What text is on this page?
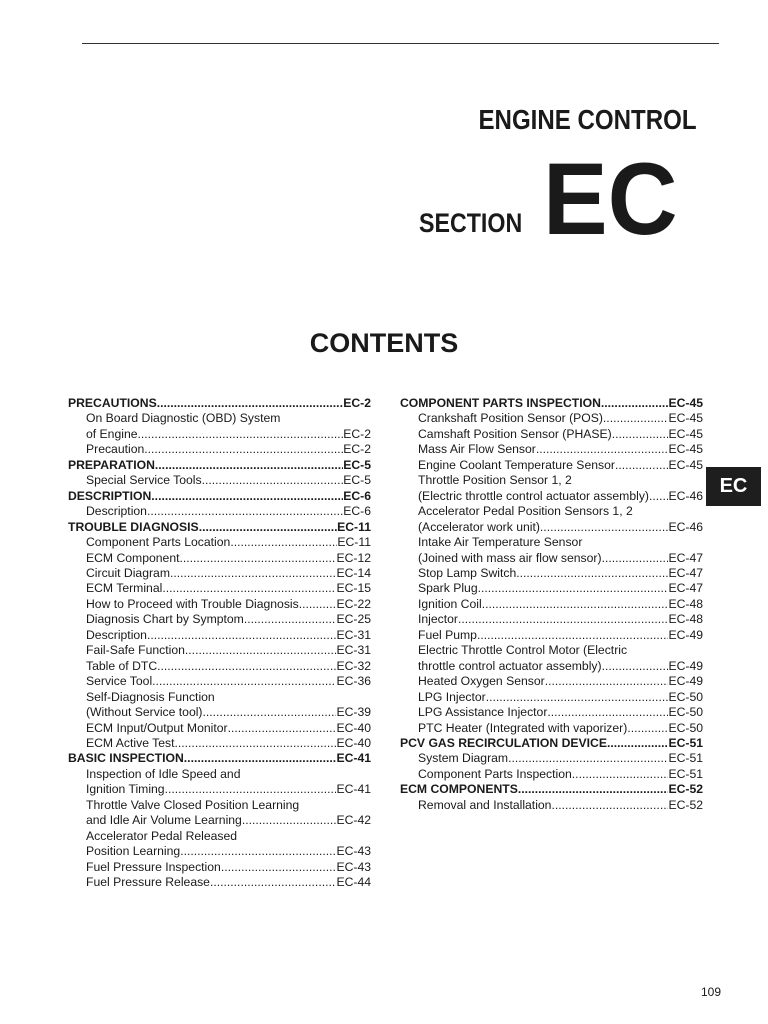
ENGINE CONTROL
SECTION EC
CONTENTS
EC
PRECAUTIONS .....	EC-2
On Board Diagnostic (OBD) System
of Engine .....	EC-2
Precaution .....	EC-2
PREPARATION .....	EC-5
Special Service Tools .....	EC-5
DESCRIPTION .....	EC-6
Description .....	EC-6
TROUBLE DIAGNOSIS .....	EC-11
Component Parts Location .....	EC-11
ECM Component .....	EC-12
Circuit Diagram .....	EC-14
ECM Terminal .....	EC-15
How to Proceed with Trouble Diagnosis .....	EC-22
Diagnosis Chart by Symptom .....	EC-25
Description .....	EC-31
Fail-Safe Function .....	EC-31
Table of DTC .....	EC-32
Service Tool .....	EC-36
Self-Diagnosis Function
(Without Service tool) .....	EC-39
ECM Input/Output Monitor .....	EC-40
ECM Active Test .....	EC-40
BASIC INSPECTION .....	EC-41
Inspection of Idle Speed and
Ignition Timing .....	EC-41
Throttle Valve Closed Position Learning
and Idle Air Volume Learning .....	EC-42
Accelerator Pedal Released
Position Learning .....	EC-43
Fuel Pressure Inspection .....	EC-43
Fuel Pressure Release .....	EC-44
COMPONENT PARTS INSPECTION .....	EC-45
Crankshaft Position Sensor (POS) .....	EC-45
Camshaft Position Sensor (PHASE) .....	EC-45
Mass Air Flow Sensor .....	EC-45
Engine Coolant Temperature Sensor .....	EC-45
Throttle Position Sensor 1, 2
(Electric throttle control actuator assembly) ..... EC-46
Accelerator Pedal Position Sensors 1, 2
(Accelerator work unit) .....	EC-46
Intake Air Temperature Sensor
(Joined with mass air flow sensor) .....	EC-47
Stop Lamp Switch .....	EC-47
Spark Plug .....	EC-47
Ignition Coil .....	EC-48
Injector .....	EC-48
Fuel Pump .....	EC-49
Electric Throttle Control Motor (Electric
throttle control actuator assembly) .....	EC-49
Heated Oxygen Sensor .....	EC-49
LPG Injector .....	EC-50
LPG Assistance Injector .....	EC-50
PTC Heater (Integrated with vaporizer) .....	EC-50
PCV GAS RECIRCULATION DEVICE .....	EC-51
System Diagram .....	EC-51
Component Parts Inspection .....	EC-51
ECM COMPONENTS .....	EC-52
Removal and Installation .....	EC-52
109
